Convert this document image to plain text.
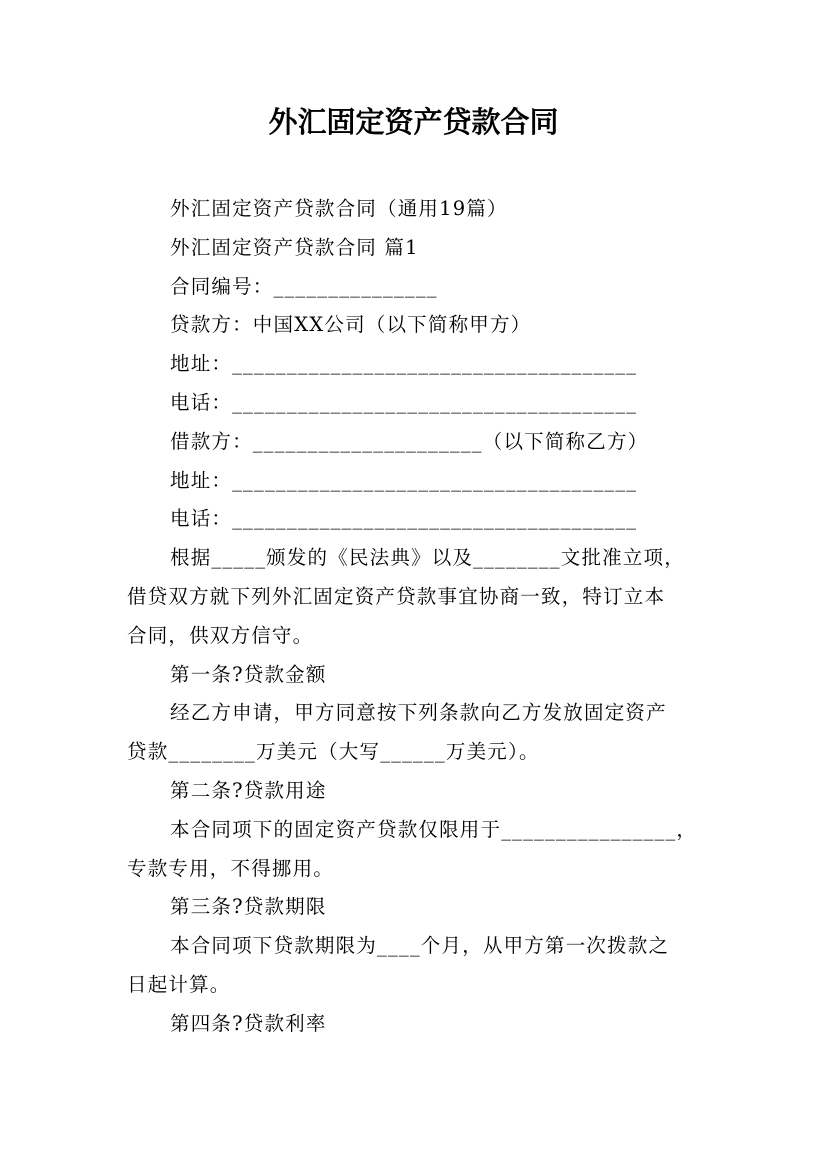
外汇固定资产贷款合同
外汇固定资产贷款合同（通用19篇）
外汇固定资产贷款合同 篇1
合同编号：_______________
贷款方：中国XX公司（以下简称甲方）
地址：_____________________________________
电话：_____________________________________
借款方：_____________________（以下简称乙方）
地址：_____________________________________
电话：_____________________________________
根据_____颁发的《民法典》以及________文批准立项，
借贷双方就下列外汇固定资产贷款事宜协商一致，特订立本
合同，供双方信守。
第一条?贷款金额
经乙方申请，甲方同意按下列条款向乙方发放固定资产
贷款________万美元（大写______万美元）。
第二条?贷款用途
本合同项下的固定资产贷款仅限用于________________，
专款专用，不得挪用。
第三条?贷款期限
本合同项下贷款期限为____个月，从甲方第一次拨款之
日起计算。
第四条?贷款利率
